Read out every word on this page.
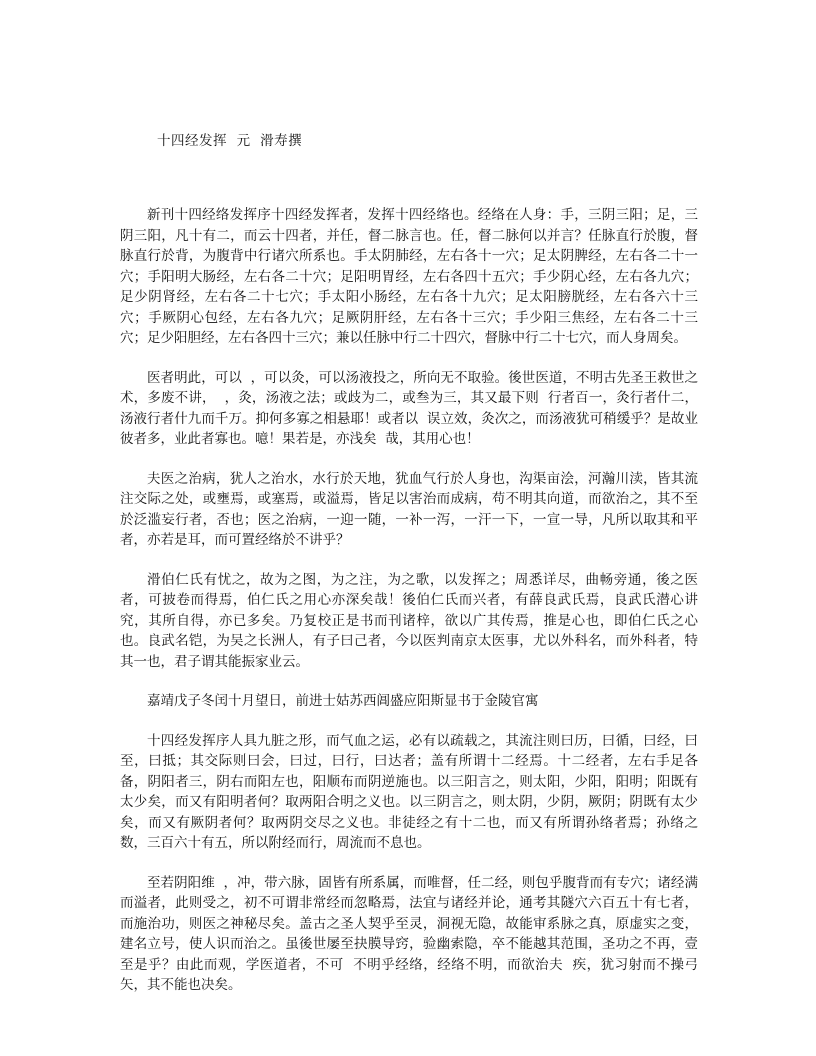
十四经发挥  元  滑寿撰

新刊十四经络发挥序十四经发挥者，发挥十四经络也。经络在人身：手，三阴三阳；足，三阴三阳，凡十有二，而云十四者，并任，督二脉言也。任，督二脉何以并言？任脉直行於腹，督脉直行於背，为腹背中行诸穴所系也。手太阴肺经，左右各十一穴；足太阴脾经，左右各二十一穴；手阳明大肠经，左右各二十穴；足阳明胃经，左右各四十五穴；手少阴心经，左右各九穴；足少阴肾经，左右各二十七穴；手太阳小肠经，左右各十九穴；足太阳膀胱经，左右各六十三穴；手厥阴心包经，左右各九穴；足厥阴肝经，左右各十三穴；手少阳三焦经，左右各二十三穴；足少阳胆经，左右各四十三穴；兼以任脉中行二十四穴，督脉中行二十七穴，而人身周矣。

医者明此，可以  ，可以灸，可以汤液投之，所向无不取验。後世医道，不明古先圣王救世之术，多废不讲，  ，灸，汤液之法；或歧为二，或叁为三，其又最下则  行者百一，灸行者什二，汤液行者什九而千万。抑何多寡之相悬耶！或者以  误立效，灸次之，而汤液犹可稍缓乎？是故业彼者多，业此者寡也。噫！果若是，亦浅矣  哉，其用心也！

夫医之治病，犹人之治水，水行於天地，犹血气行於人身也，沟渠亩浍，河瀚川渎，皆其流注交际之处，或壅焉，或塞焉，或溢焉，皆足以害治而成病，苟不明其向道，而欲治之，其不至於泛滥妄行者，否也；医之治病，一迎一随，一补一泻，一汗一下，一宣一导，凡所以取其和平者，亦若是耳，而可置经络於不讲乎？

滑伯仁氏有忧之，故为之图，为之注，为之歌，以发挥之；周悉详尽，曲畅旁通，後之医者，可披卷而得焉，伯仁氏之用心亦深矣哉！後伯仁氏而兴者，有薛良武氏焉，良武氏潜心讲究，其所自得，亦已多矣。乃复校正是书而刊诸梓，欲以广其传焉，推是心也，即伯仁氏之心也。良武名铠，为吴之长洲人，有子曰己者，今以医判南京太医事，尤以外科名，而外科者，特其一也，君子谓其能振家业云。

嘉靖戊子冬闰十月望日，前进士姑苏西阊盛应阳斯显书于金陵官寓

十四经发挥序人具九脏之形，而气血之运，必有以疏载之，其流注则曰历，曰循，曰经，曰至，曰抵；其交际则曰会，曰过，曰行，曰达者；盖有所谓十二经焉。十二经者，左右手足各备，阴阳者三，阴右而阳左也，阳顺布而阴逆施也。以三阳言之，则太阳，少阳，阳明；阳既有太少矣，而又有阳明者何？取两阳合明之义也。以三阴言之，则太阴，少阴，厥阴；阴既有太少矣，而又有厥阴者何？取两阴交尽之义也。非徒经之有十二也，而又有所谓孙络者焉；孙络之数，三百六十有五，所以附经而行，周流而不息也。

至若阴阳维  ，冲，带六脉，固皆有所系属，而唯督，任二经，则包乎腹背而有专穴；诸经满而溢者，此则受之，初不可谓非常经而忽略焉，法宜与诸经并论，通考其隧穴六百五十有七者，而施治功，则医之神秘尽矣。盖古之圣人契乎至灵，洞视无隐，故能审系脉之真，原虚实之变，建名立号，使人识而治之。虽後世屡至抉膜导窍，验幽索隐，卒不能越其范围，圣功之不再，壹至是乎？由此而观，学医道者，不可  不明乎经络，经络不明，而欲治夫  疾，犹习射而不操弓矢，其不能也决矣。
